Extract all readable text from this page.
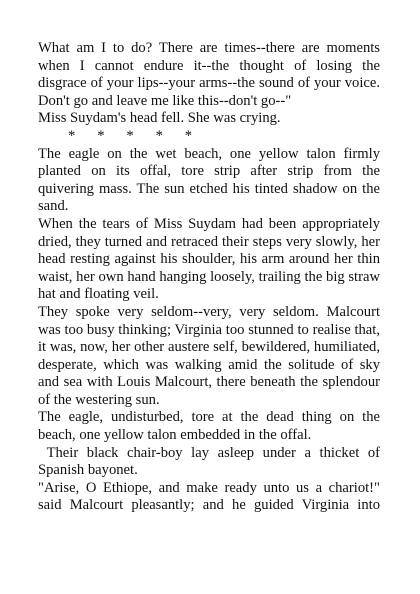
What am I to do? There are times--there are moments when I cannot endure it--the thought of losing the disgrace of your lips--your arms--the sound of your voice. Don't go and leave me like this--don't go--"

Miss Suydam's head fell. She was crying.

*      *      *      *      *

The eagle on the wet beach, one yellow talon firmly planted on its offal, tore strip after strip from the quivering mass. The sun etched his tinted shadow on the sand.

When the tears of Miss Suydam had been appropriately dried, they turned and retraced their steps very slowly, her head resting against his shoulder, his arm around her thin waist, her own hand hanging loosely, trailing the big straw hat and floating veil.

They spoke very seldom--very, very seldom. Malcourt was too busy thinking; Virginia too stunned to realise that, it was, now, her other austere self, bewildered, humiliated, desperate, which was walking amid the solitude of sky and sea with Louis Malcourt, there beneath the splendour of the westering sun.

The eagle, undisturbed, tore at the dead thing on the beach, one yellow talon embedded in the offal.

Their black chair-boy lay asleep under a thicket of Spanish bayonet.

"Arise, O Ethiope, and make ready unto us a chariot!" said Malcourt pleasantly; and he guided Virginia into
